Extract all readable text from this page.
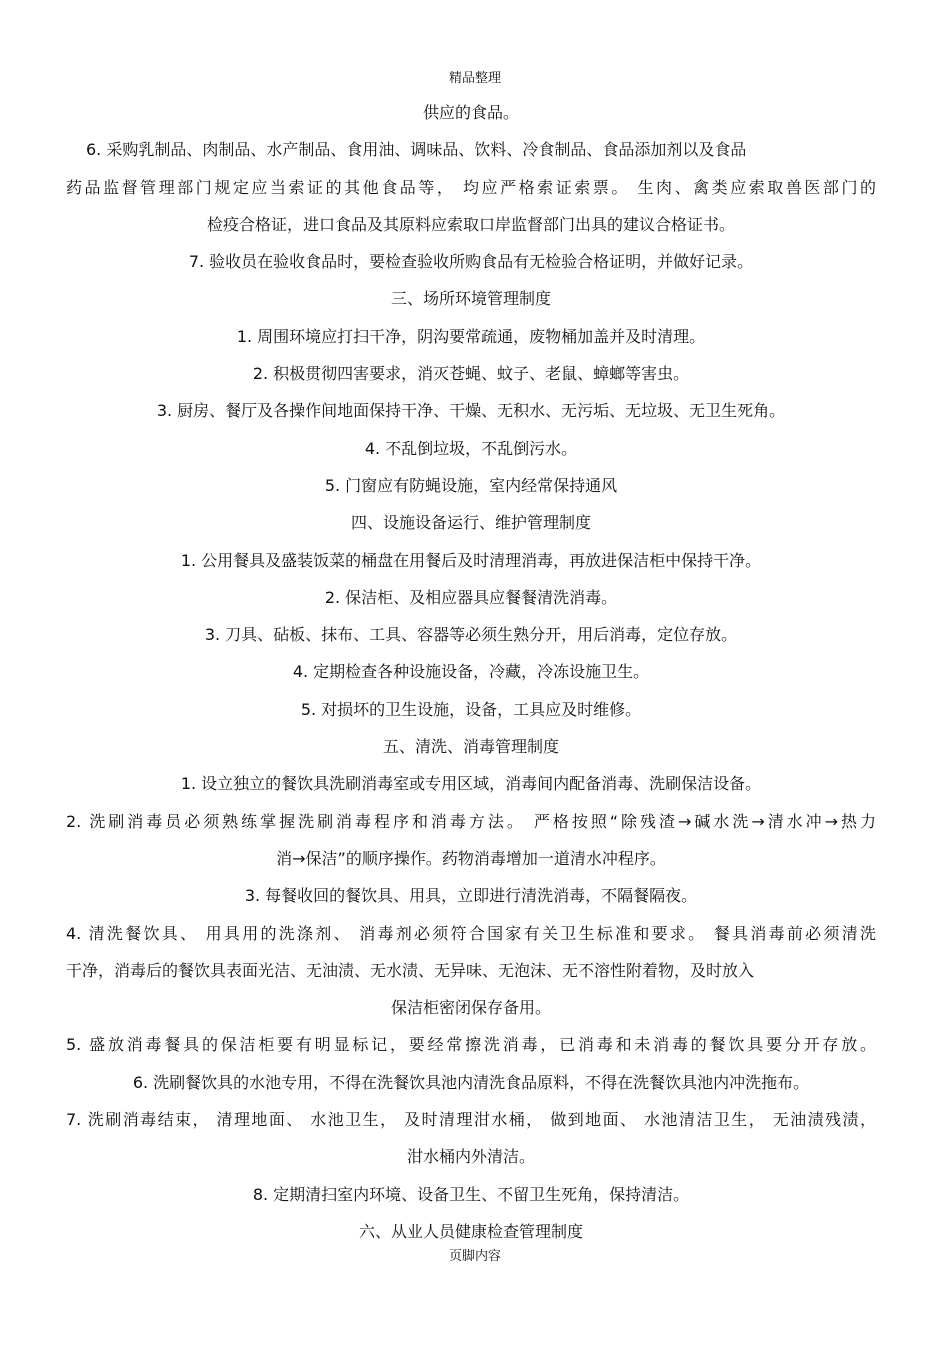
精品整理
供应的食品。
6. 采购乳制品、肉制品、水产制品、食用油、调味品、饮料、冷食制品、食品添加剂以及食品
药品监督管理部门规定应当索证的其他食品等， 均应严格索证索票。 生肉、禽类应索取兽医部门的
检疫合格证，进口食品及其原料应索取口岸监督部门出具的建议合格证书。
7. 验收员在验收食品时，要检查验收所购食品有无检验合格证明，并做好记录。
三、场所环境管理制度
1. 周围环境应打扫干净，阴沟要常疏通，废物桶加盖并及时清理。
2. 积极贯彻四害要求，消灭苍蝇、蚊子、老鼠、蟑螂等害虫。
3. 厨房、餐厅及各操作间地面保持干净、干燥、无积水、无污垢、无垃圾、无卫生死角。
4. 不乱倒垃圾，不乱倒污水。
5. 门窗应有防蝇设施，室内经常保持通风
四、设施设备运行、维护管理制度
1. 公用餐具及盛装饭菜的桶盘在用餐后及时清理消毒，再放进保洁柜中保持干净。
2. 保洁柜、及相应器具应餐餐清洗消毒。
3. 刀具、砧板、抹布、工具、容器等必须生熟分开，用后消毒，定位存放。
4. 定期检查各种设施设备，冷藏，冷冻设施卫生。
5. 对损坏的卫生设施，设备，工具应及时维修。
五、清洗、消毒管理制度
1. 设立独立的餐饮具洗刷消毒室或专用区域，消毒间内配备消毒、洗刷保洁设备。
2. 洗刷消毒员必须熟练掌握洗刷消毒程序和消毒方法。 严格按照“除残渣→碱水洗→清水冲→热力
消→保洁”的顺序操作。药物消毒增加一道清水冲程序。
3. 每餐收回的餐饮具、用具，立即进行清洗消毒，不隔餐隔夜。
4. 清洗餐饮具、 用具用的洗涤剂、 消毒剂必须符合国家有关卫生标准和要求。 餐具消毒前必须清洗
干净，消毒后的餐饮具表面光洁、无油渍、无水渍、无异味、无泡沫、无不溶性附着物，及时放入
保洁柜密闭保存备用。
5. 盛放消毒餐具的保洁柜要有明显标记，要经常擦洗消毒，已消毒和未消毒的餐饮具要分开存放。
6. 洗刷餐饮具的水池专用，不得在洗餐饮具池内清洗食品原料，不得在洗餐饮具池内冲洗拖布。
7. 洗刷消毒结束， 清理地面、 水池卫生， 及时清理泔水桶， 做到地面、 水池清洁卫生， 无油渍残渍，
泔水桶内外清洁。
8. 定期清扫室内环境、设备卫生、不留卫生死角，保持清洁。
六、从业人员健康检查管理制度
页脚内容
